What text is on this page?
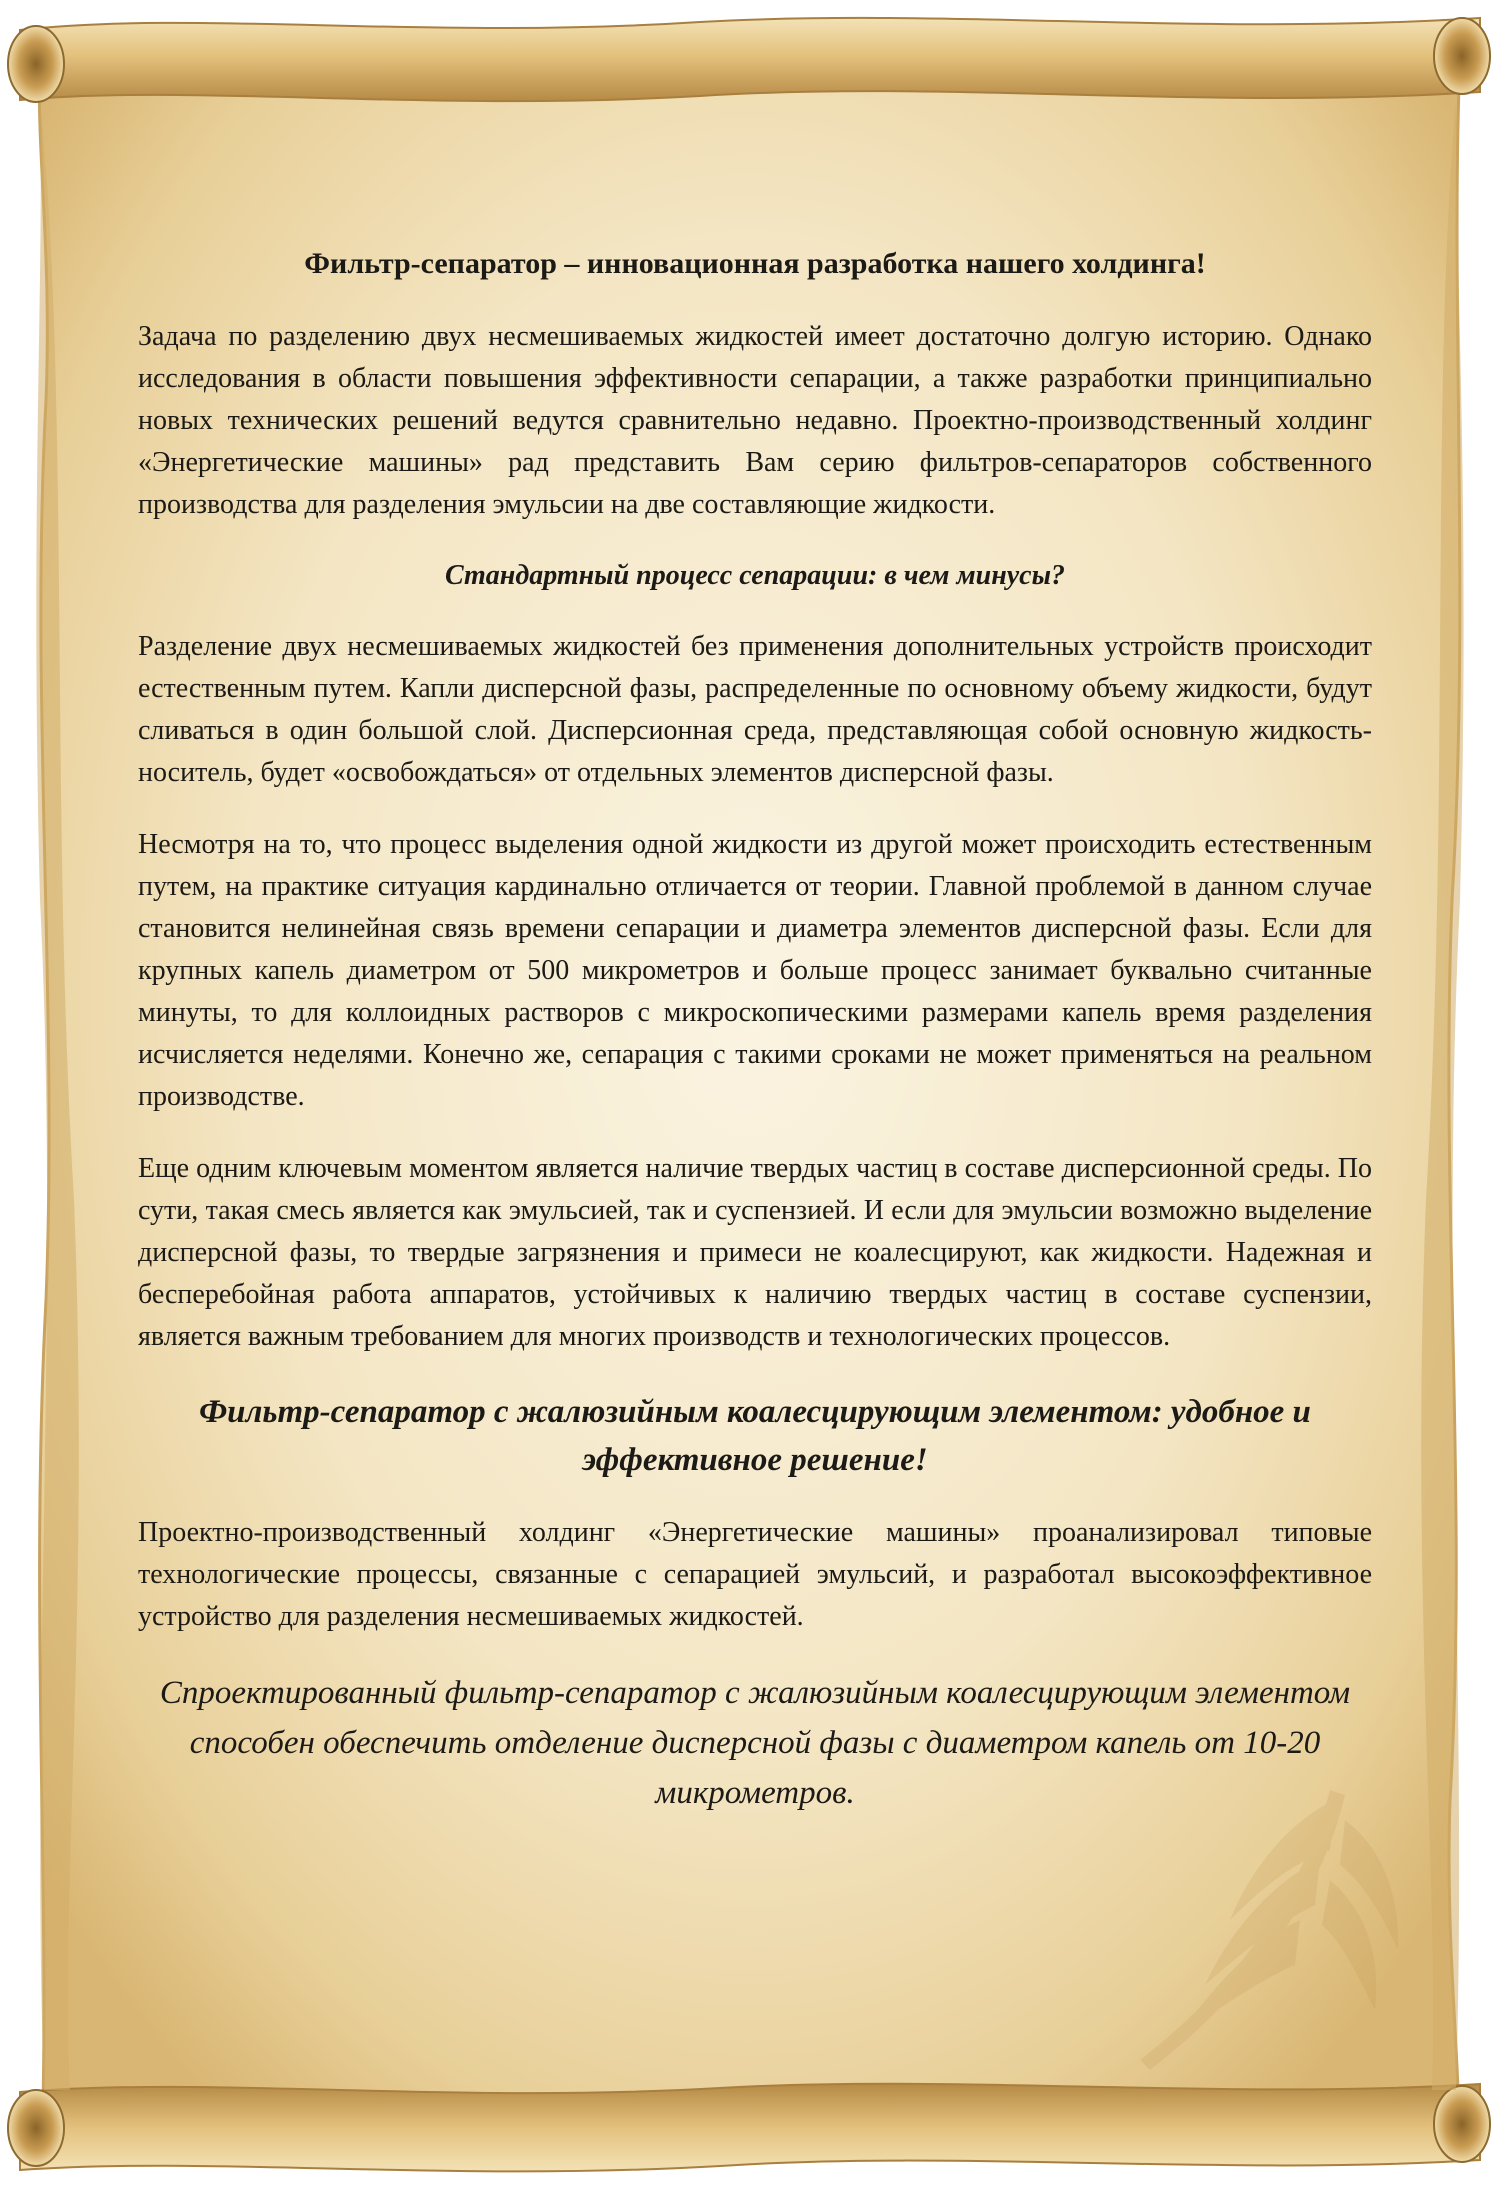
Фильтр-сепаратор – инновационная разработка нашего холдинга!

Задача по разделению двух несмешиваемых жидкостей имеет достаточно долгую историю. Однако исследования в области повышения эффективности сепарации, а также разработки принципиально новых технических решений ведутся сравнительно недавно. Проектно-производственный холдинг «Энергетические машины» рад представить Вам серию фильтров-сепараторов собственного производства для разделения эмульсии на две составляющие жидкости.

Стандартный процесс сепарации: в чем минусы?

Разделение двух несмешиваемых жидкостей без применения дополнительных устройств происходит естественным путем. Капли дисперсной фазы, распределенные по основному объему жидкости, будут сливаться в один большой слой. Дисперсионная среда, представляющая собой основную жидкость-носитель, будет «освобождаться» от отдельных элементов дисперсной фазы.

Несмотря на то, что процесс выделения одной жидкости из другой может происходить естественным путем, на практике ситуация кардинально отличается от теории. Главной проблемой в данном случае становится нелинейная связь времени сепарации и диаметра элементов дисперсной фазы. Если для крупных капель диаметром от 500 микрометров и больше процесс занимает буквально считанные минуты, то для коллоидных растворов с микроскопическими размерами капель время разделения исчисляется неделями. Конечно же, сепарация с такими сроками не может применяться на реальном производстве.

Еще одним ключевым моментом является наличие твердых частиц в составе дисперсионной среды. По сути, такая смесь является как эмульсией, так и суспензией. И если для эмульсии возможно выделение дисперсной фазы, то твердые загрязнения и примеси не коалесцируют, как жидкости. Надежная и бесперебойная работа аппаратов, устойчивых к наличию твердых частиц в составе суспензии, является важным требованием для многих производств и технологических процессов.

Фильтр-сепаратор с жалюзийным коалесцирующим элементом: удобное и эффективное решение!

Проектно-производственный холдинг «Энергетические машины» проанализировал типовые технологические процессы, связанные с сепарацией эмульсий, и разработал высокоэффективное устройство для разделения несмешиваемых жидкостей.

Спроектированный фильтр-сепаратор с жалюзийным коалесцирующим элементом способен обеспечить отделение дисперсной фазы с диаметром капель от 10-20 микрометров.
